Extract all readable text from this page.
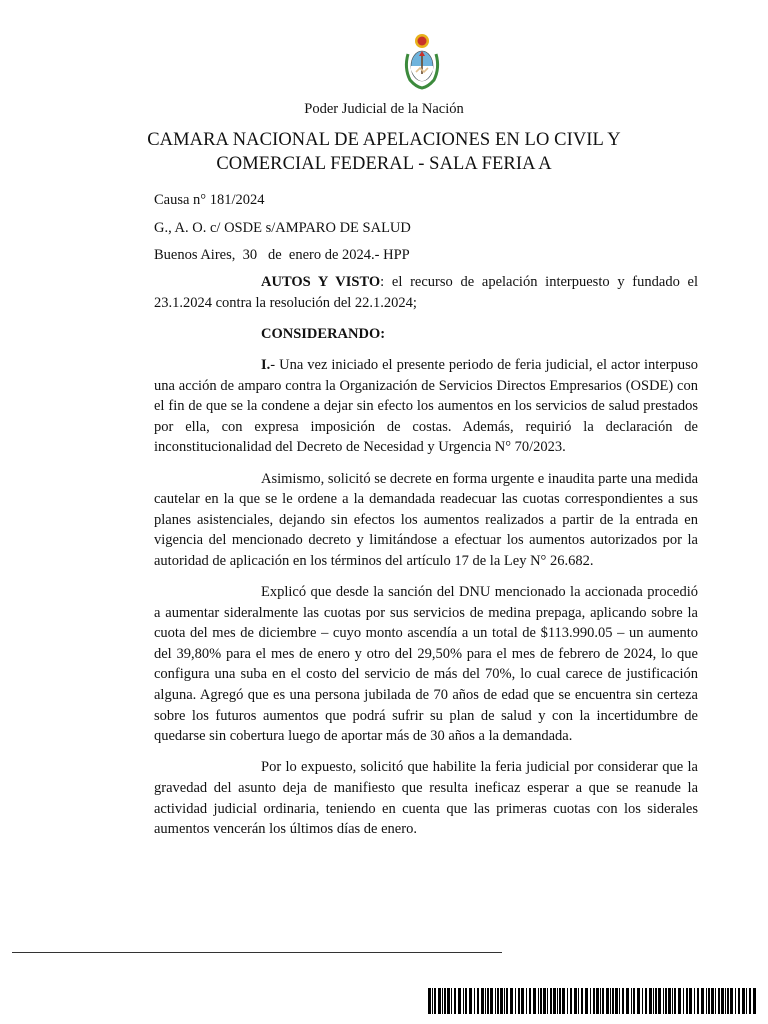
Poder Judicial de la Nación
CAMARA NACIONAL DE APELACIONES EN LO CIVIL Y
COMERCIAL FEDERAL - SALA FERIA A
Causa n° 181/2024
G., A. O. c/ OSDE s/AMPARO DE SALUD
Buenos Aires,  30   de  enero de 2024.- HPP

AUTOS Y VISTO: el recurso de apelación interpuesto y fundado el 23.1.2024 contra la resolución del 22.1.2024;

CONSIDERANDO:

I.- Una vez iniciado el presente periodo de feria judicial, el actor interpuso una acción de amparo contra la Organización de Servicios Directos Empresarios (OSDE) con el fin de que se la condene a dejar sin efecto los aumentos en los servicios de salud prestados por ella, con expresa imposición de costas. Además, requirió la declaración de inconstitucionalidad del Decreto de Necesidad y Urgencia N° 70/2023.

Asimismo, solicitó se decrete en forma urgente e inaudita parte una medida cautelar en la que se le ordene a la demandada readecuar las cuotas correspondientes a sus planes asistenciales, dejando sin efectos los aumentos realizados a partir de la entrada en vigencia del mencionado decreto y limitándose a efectuar los aumentos autorizados por la autoridad de aplicación en los términos del artículo 17 de la Ley N° 26.682.

Explicó que desde la sanción del DNU mencionado la accionada procedió a aumentar sideralmente las cuotas por sus servicios de medina prepaga, aplicando sobre la cuota del mes de diciembre – cuyo monto ascendía a un total de $113.990.05 – un aumento del 39,80% para el mes de enero y otro del 29,50% para el mes de febrero de 2024, lo que configura una suba en el costo del servicio de más del 70%, lo cual carece de justificación alguna. Agregó que es una persona jubilada de 70 años de edad que se encuentra sin certeza sobre los futuros aumentos que podrá sufrir su plan de salud y con la incertidumbre de quedarse sin cobertura luego de aportar más de 30 años a la demandada.

Por lo expuesto, solicitó que habilite la feria judicial por considerar que la gravedad del asunto deja de manifiesto que resulta ineficaz esperar a que se reanude la actividad judicial ordinaria, teniendo en cuenta que las primeras cuotas con los siderales aumentos vencerán los últimos días de enero.
